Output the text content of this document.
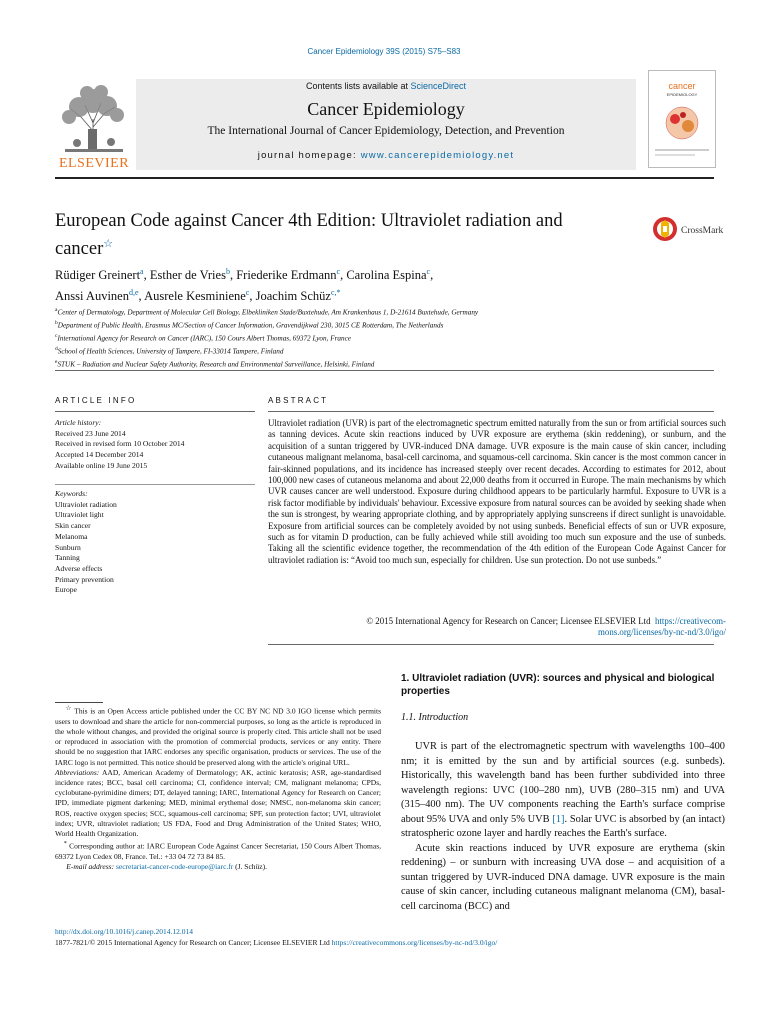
Cancer Epidemiology 39S (2015) S75–S83
ELSEVIER
Contents lists available at ScienceDirect
Cancer Epidemiology
The International Journal of Cancer Epidemiology, Detection, and Prevention
journal homepage: www.cancerepidemiology.net
cancer
EPIDEMIOLOGY
European Code against Cancer 4th Edition: Ultraviolet radiation and
cancer☆
CrossMark
Rüdiger Greinert$^a$, Esther de Vries$^b$, Friederike Erdmann$^c$, Carolina Espina$^c$,
Anssi Auvinen$^{d,e}$, Ausrele Kesminiene$^c$, Joachim Schüz$^{c,*}$
$^a$Center of Dermatology, Department of Molecular Cell Biology, Elbekliniken Stade/Buxtehude, Am Krankenhaus 1, D-21614 Buxtehude, Germany
$^b$Department of Public Health, Erasmus MC/Section of Cancer Information, Gravendijkwal 230, 3015 CE Rotterdam, The Netherlands
$^c$International Agency for Research on Cancer (IARC), 150 Cours Albert Thomas, 69372 Lyon, France
$^d$School of Health Sciences, University of Tampere, FI-33014 Tampere, Finland
$^e$STUK – Radiation and Nuclear Safety Authority, Research and Environmental Surveillance, Helsinki, Finland
ARTICLE INFO	ABSTRACT
Article history:
Received 23 June 2014
Received in revised form 10 October 2014
Accepted 14 December 2014
Available online 19 June 2015
Keywords:
Ultraviolet radiation
Ultraviolet light
Skin cancer
Melanoma
Sunburn
Tanning
Adverse effects
Primary prevention
Europe

Ultraviolet radiation (UVR) is part of the electromagnetic spectrum emitted naturally from the sun or from artificial sources such as tanning devices. Acute skin reactions induced by UVR exposure are erythema (skin reddening), or sunburn, and the acquisition of a suntan triggered by UVR-induced DNA damage. UVR exposure is the main cause of skin cancer, including cutaneous malignant melanoma, basal-cell carcinoma, and squamous-cell carcinoma. Skin cancer is the most common cancer in fair-skinned populations, and its incidence has increased steeply over recent decades. According to estimates for 2012, about 100,000 new cases of cutaneous melanoma and about 22,000 deaths from it occurred in Europe. The main mechanisms by which UVR causes cancer are well understood. Exposure during childhood appears to be particularly harmful. Exposure to UVR is a risk factor modifiable by individuals' behaviour. Excessive exposure from natural sources can be avoided by seeking shade when the sun is strongest, by wearing appropriate clothing, and by appropriately applying sunscreens if direct sunlight is unavoidable. Exposure from artificial sources can be completely avoided by not using sunbeds. Beneficial effects of sun or UVR exposure, such as for vitamin D production, can be fully achieved while still avoiding too much sun exposure and the use of sunbeds. Taking all the scientific evidence together, the recommendation of the 4th edition of the European Code Against Cancer for ultraviolet radiation is: “Avoid too much sun, especially for children. Use sun protection. Do not use sunbeds.”

© 2015 International Agency for Research on Cancer; Licensee ELSEVIER Ltd https://creativecom-
mons.org/licenses/by-nc-nd/3.0/igo/
1. Ultraviolet radiation (UVR): sources and physical and biological properties
1.1. Introduction

UVR is part of the electromagnetic spectrum with wavelengths 100–400 nm; it is emitted by the sun and by artificial sources (e.g. sunbeds). Historically, this wavelength band has been further subdivided into three wavelength regions: UVC (100–280 nm), UVB (280–315 nm) and UVA (315–400 nm). The UV components reaching the Earth's surface comprise about 95% UVA and only 5% UVB [1]. Solar UVC is absorbed by (an intact) stratospheric ozone layer and hardly reaches the Earth's surface.

Acute skin reactions induced by UVR exposure are erythema (skin reddening) – or sunburn with increasing UVA dose – and acquisition of a suntan triggered by UVR-induced DNA damage. UVR exposure is the main cause of skin cancer, including cutaneous malignant melanoma (CM), basal-cell carcinoma (BCC) and

☆ This is an Open Access article published under the CC BY NC ND 3.0 IGO license which permits users to download and share the article for non-commercial purposes, so long as the article is reproduced in the whole without changes, and provided the original source is properly cited. This article shall not be used or reproduced in association with the promotion of commercial products, services or any entity. There should be no suggestion that IARC endorses any specific organisation, products or services. The use of the IARC logo is not permitted. This notice should be preserved along with the article's original URL.

Abbreviations: AAD, American Academy of Dermatology; AK, actinic keratosis; ASR, age-standardised incidence rates; BCC, basal cell carcinoma; CI, confidence interval; CM, malignant melanoma; CPDs, cyclobutane-pyrimidine dimers; DT, delayed tanning; IARC, International Agency for Research on Cancer; IPD, immediate pigment darkening; MED, minimal erythemal dose; NMSC, non-melanoma skin cancer; ROS, reactive oxygen species; SCC, squamous-cell carcinoma; SPF, sun protection factor; UVI, ultraviolet index; UVR, ultraviolet radiation; US FDA, Food and Drug Administration of the United States; WHO, World Health Organization.

* Corresponding author at: IARC European Code Against Cancer Secretariat, 150 Cours Albert Thomas, 69372 Lyon Cedex 08, France. Tel.: +33 04 72 73 84 85.

E-mail address: secretariat-cancer-code-europe@iarc.fr (J. Schüz).

http://dx.doi.org/10.1016/j.canep.2014.12.014
1877-7821/© 2015 International Agency for Research on Cancer; Licensee ELSEVIER Ltd https://creativecommons.org/licenses/by-nc-nd/3.0/igo/
